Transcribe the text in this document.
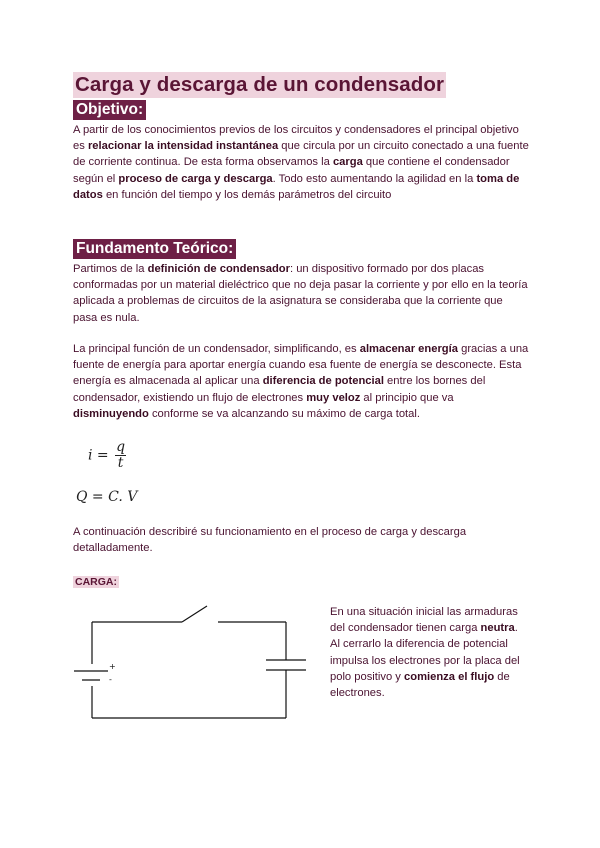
Carga y descarga de un condensador
Objetivo:

A partir de los conocimientos previos de los circuitos y condensadores el principal objetivo es relacionar la intensidad instantánea que circula por un circuito conectado a una fuente de corriente continua. De esta forma observamos la carga que contiene el condensador según el proceso de carga y descarga. Todo esto aumentando la agilidad en la toma de datos en función del tiempo y los demás parámetros del circuito

Fundamento Teórico:

Partimos de la definición de condensador: un dispositivo formado por dos placas conformadas por un material dieléctrico que no deja pasar la corriente y por ello en la teoría aplicada a problemas de circuitos de la asignatura se consideraba que la corriente que pasa es nula.

La principal función de un condensador, simplificando, es almacenar energía gracias a una fuente de energía para aportar energía cuando esa fuente de energía se desconecte. Esta energía es almacenada al aplicar una diferencia de potencial entre los bornes del condensador, existiendo un flujo de electrones muy veloz al principio que va disminuyendo conforme se va alcanzando su máximo de carga total.

$i = \frac{q}{t}$
Q = C. V

A continuación describiré su funcionamiento en el proceso de carga y descarga detalladamente.

CARGA:
+
-

En una situación inicial las armaduras del condensador tienen carga neutra.
Al cerrarlo la diferencia de potencial impulsa los electrones por la placa del polo positivo y comienza el flujo de electrones.
